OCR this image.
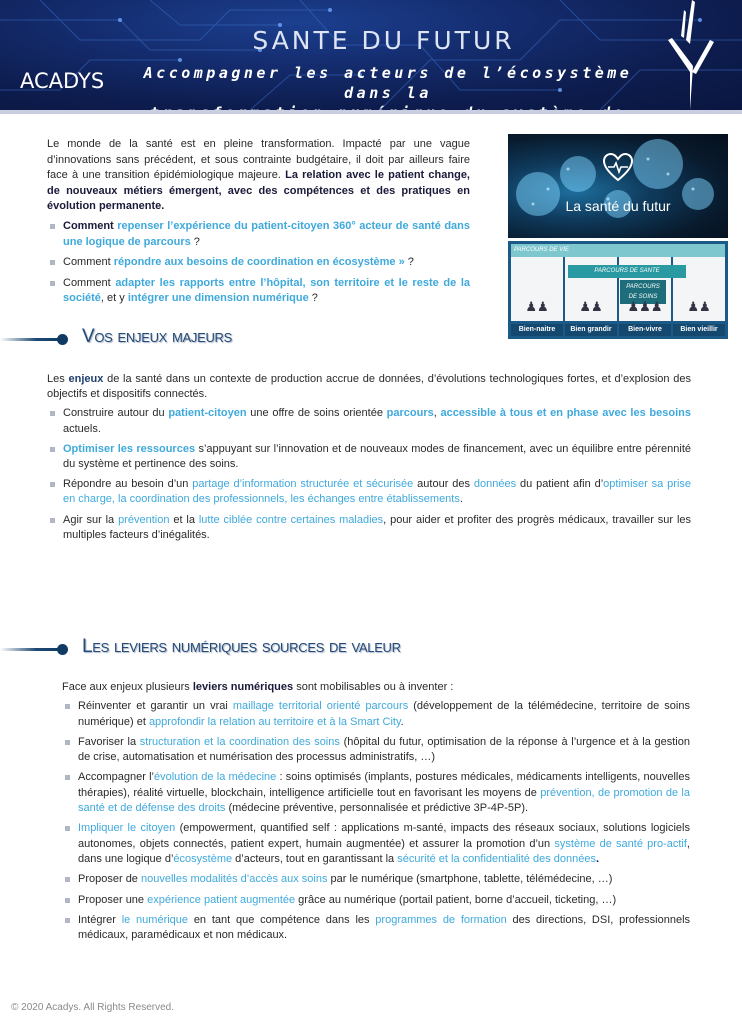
SANTE DU FUTUR
Accompagner les acteurs de l’écosystème dans la
santé
ACADYS

Le monde de la santé est en pleine transformation. Impacté par une vague d’innovations sans précédent, et sous contrainte budgétaire, il doit par ailleurs faire face à une transition épidémiologique majeure. La relation avec le patient change, de nouveaux métiers émergent, avec des compétences et des pratiques en évolution permanente.

Comment repenser l’expérience du patient-citoyen 360° acteur de santé dans une logique de parcours ?
Comment répondre aux besoins de coordination en écosystème » ?
Comment adapter les rapports entre l’hôpital, son territoire et le reste de la société, et y intégrer une dimension numérique ?
La santé du futur
PARCOURS DE VIE
PARCOURS DE SANTE
PARCOURS
DE SOINS
♟♟	♟♟	♟♟♟	♟♟
Bien-naitre	Bien grandir	Bien-vivre	Bien vieillir
Vos enjeux majeurs

Les enjeux de la santé dans un contexte de production accrue de données, d’évolutions technologiques fortes, et d’explosion des objectifs et dispositifs connectés.

Construire autour du patient-citoyen une offre de soins orientée parcours, accessible à tous et en phase avec les besoins actuels.
Optimiser les ressources s’appuyant sur l’innovation et de nouveaux modes de financement, avec un équilibre entre pérennité du système et pertinence des soins.
Répondre au besoin d’un partage d’information structurée et sécurisée autour des données du patient afin d’optimiser sa prise en charge, la coordination des professionnels, les échanges entre établissements.
Agir sur la prévention et la lutte ciblée contre certaines maladies, pour aider et profiter des progrès médicaux, travailler sur les multiples facteurs d’inégalités.
Les leviers numériques sources de valeur

Face aux enjeux plusieurs leviers numériques sont mobilisables ou à inventer :

Réinventer et garantir un vrai maillage territorial orienté parcours (développement de la télémédecine, territoire de soins numérique) et approfondir la relation au territoire et à la Smart City.
Favoriser la structuration et la coordination des soins (hôpital du futur, optimisation de la réponse à l’urgence et à la gestion de crise, automatisation et numérisation des processus administratifs, …)
Accompagner l’évolution de la médecine : soins optimisés (implants, postures médicales, médicaments intelligents, nouvelles thérapies), réalité virtuelle, blockchain, intelligence artificielle tout en favorisant les moyens de prévention, de promotion de la santé et de défense des droits (médecine préventive, personnalisée et prédictive 3P-4P-5P).
Impliquer le citoyen (empowerment, quantified self : applications m-santé, impacts des réseaux sociaux, solutions logiciels autonomes, objets connectés, patient expert, humain augmentée) et assurer la promotion d’un système de santé pro-actif, dans une logique d’écosystème d’acteurs, tout en garantissant la sécurité et la confidentialité des données.
Proposer de nouvelles modalités d’accès aux soins par le numérique (smartphone, tablette, télémédecine, …)
Proposer une expérience patient augmentée grâce au numérique (portail patient, borne d’accueil, ticketing, …)
Intégrer le numérique en tant que compétence dans les programmes de formation des directions, DSI, professionnels médicaux, paramédicaux et non médicaux.
© 2020 Acadys. All Rights Reserved.
